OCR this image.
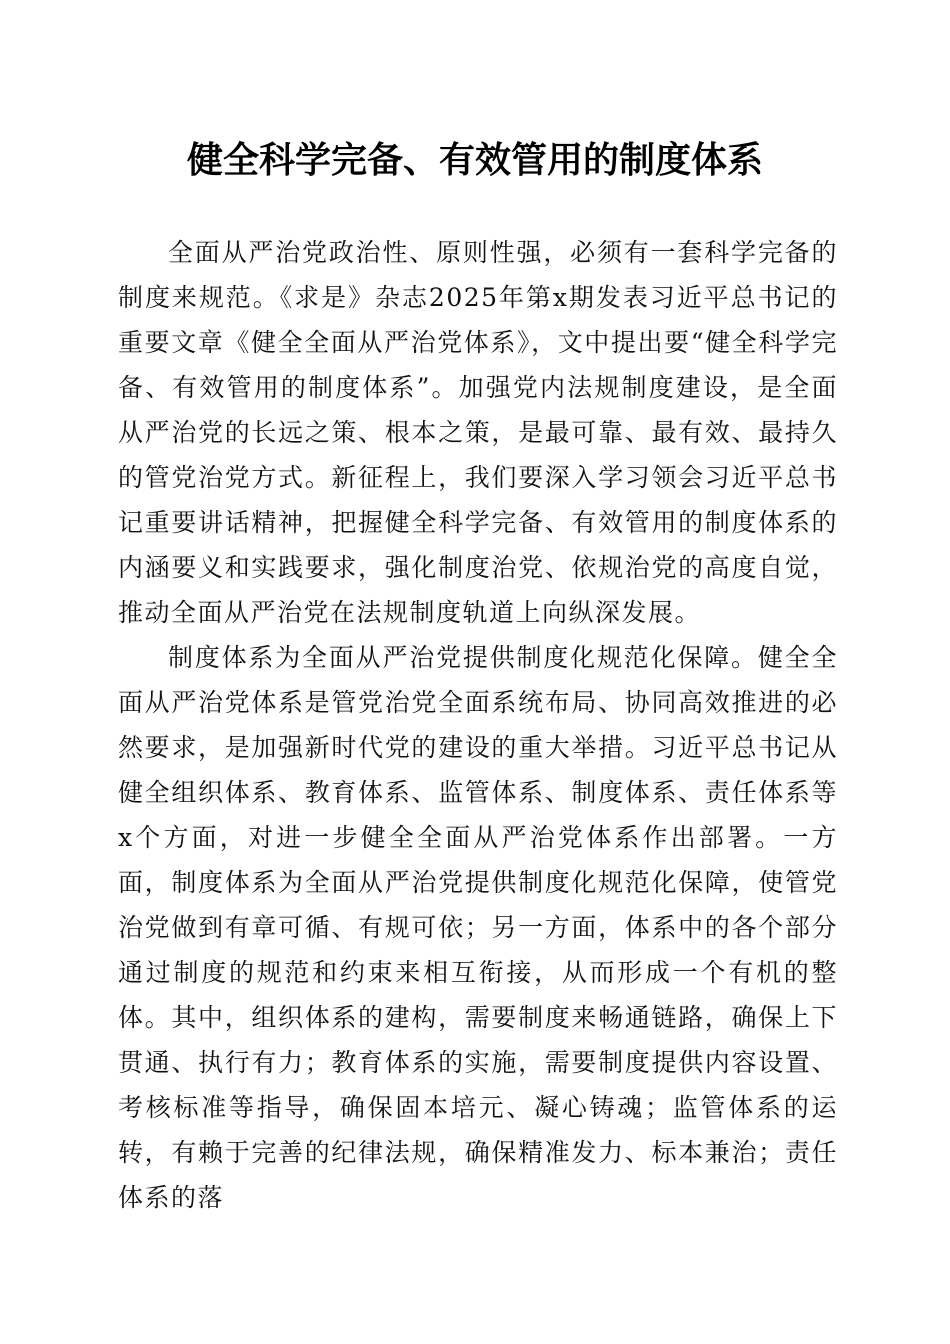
健全科学完备、有效管用的制度体系

全面从严治党政治性、原则性强，必须有一套科学完备的制度来规范。《求是》杂志2025年第x期发表习近平总书记的重要文章《健全全面从严治党体系》，文中提出要“健全科学完备、有效管用的制度体系”。加强党内法规制度建设，是全面从严治党的长远之策、根本之策，是最可靠、最有效、最持久的管党治党方式。新征程上，我们要深入学习领会习近平总书记重要讲话精神，把握健全科学完备、有效管用的制度体系的内涵要义和实践要求，强化制度治党、依规治党的高度自觉，推动全面从严治党在法规制度轨道上向纵深发展。

制度体系为全面从严治党提供制度化规范化保障。健全全面从严治党体系是管党治党全面系统布局、协同高效推进的必然要求，是加强新时代党的建设的重大举措。习近平总书记从健全组织体系、教育体系、监管体系、制度体系、责任体系等x个方面，对进一步健全全面从严治党体系作出部署。一方面，制度体系为全面从严治党提供制度化规范化保障，使管党治党做到有章可循、有规可依；另一方面，体系中的各个部分通过制度的规范和约束来相互衔接，从而形成一个有机的整体。其中，组织体系的建构，需要制度来畅通链路，确保上下贯通、执行有力；教育体系的实施，需要制度提供内容设置、考核标准等指导，确保固本培元、凝心铸魂；监管体系的运转，有赖于完善的纪律法规，确保精准发力、标本兼治；责任体系的落
